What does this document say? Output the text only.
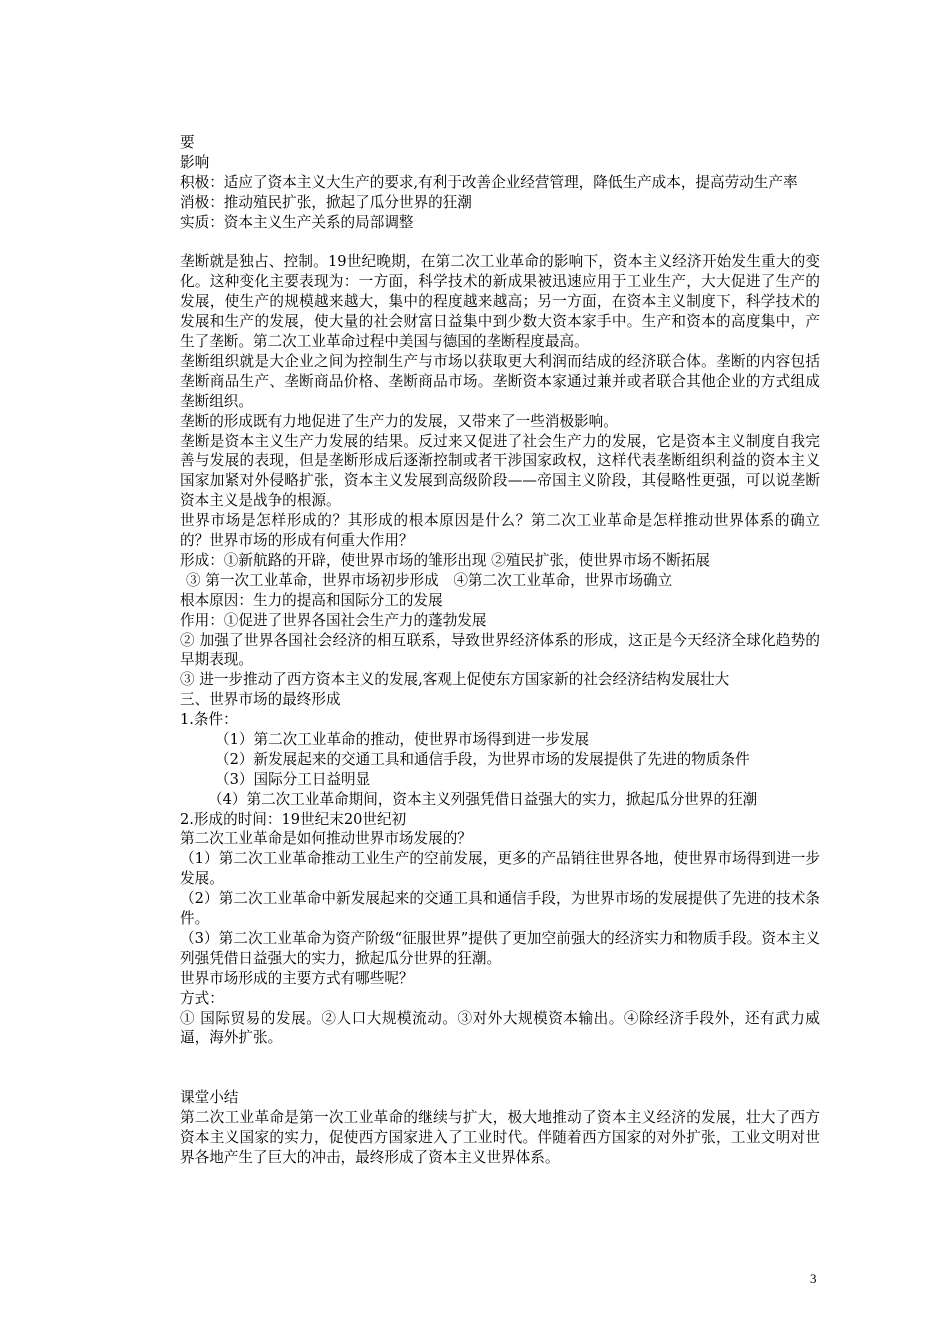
要
影响
积极：适应了资本主义大生产的要求,有利于改善企业经营管理，降低生产成本，提高劳动生产率
消极：推动殖民扩张，掀起了瓜分世界的狂潮
实质：资本主义生产关系的局部调整
垄断就是独占、控制。19世纪晚期，在第二次工业革命的影响下，资本主义经济开始发生重大的变化。这种变化主要表现为：一方面，科学技术的新成果被迅速应用于工业生产，大大促进了生产的发展，使生产的规模越来越大，集中的程度越来越高；另一方面，在资本主义制度下，科学技术的发展和生产的发展，使大量的社会财富日益集中到少数大资本家手中。生产和资本的高度集中，产生了垄断。第二次工业革命过程中美国与德国的垄断程度最高。
垄断组织就是大企业之间为控制生产与市场以获取更大利润而结成的经济联合体。垄断的内容包括垄断商品生产、垄断商品价格、垄断商品市场。垄断资本家通过兼并或者联合其他企业的方式组成垄断组织。
垄断的形成既有力地促进了生产力的发展，又带来了一些消极影响。
垄断是资本主义生产力发展的结果。反过来又促进了社会生产力的发展，它是资本主义制度自我完善与发展的表现，但是垄断形成后逐渐控制或者干涉国家政权，这样代表垄断组织利益的资本主义国家加紧对外侵略扩张，资本主义发展到高级阶段——帝国主义阶段，其侵略性更强，可以说垄断资本主义是战争的根源。
世界市场是怎样形成的？其形成的根本原因是什么？第二次工业革命是怎样推动世界体系的确立的？世界市场的形成有何重大作用？
形成：①新航路的开辟，使世界市场的雏形出现 ②殖民扩张，使世界市场不断拓展
③ 第一次工业革命，世界市场初步形成　④第二次工业革命，世界市场确立
根本原因：生力的提高和国际分工的发展
作用：①促进了世界各国社会生产力的蓬勃发展
② 加强了世界各国社会经济的相互联系，导致世界经济体系的形成，这正是今天经济全球化趋势的早期表现。
③ 进一步推动了西方资本主义的发展,客观上促使东方国家新的社会经济结构发展壮大
三、世界市场的最终形成
1.条件：
（1）第二次工业革命的推动，使世界市场得到进一步发展
（2）新发展起来的交通工具和通信手段，为世界市场的发展提供了先进的物质条件
（3）国际分工日益明显
（4）第二次工业革命期间，资本主义列强凭借日益强大的实力，掀起瓜分世界的狂潮
2.形成的时间：19世纪末20世纪初
第二次工业革命是如何推动世界市场发展的？
（1）第二次工业革命推动工业生产的空前发展，更多的产品销往世界各地，使世界市场得到进一步发展。
（2）第二次工业革命中新发展起来的交通工具和通信手段，为世界市场的发展提供了先进的技术条件。
（3）第二次工业革命为资产阶级“征服世界”提供了更加空前强大的经济实力和物质手段。资本主义列强凭借日益强大的实力，掀起瓜分世界的狂潮。
世界市场形成的主要方式有哪些呢？
方式：
① 国际贸易的发展。②人口大规模流动。③对外大规模资本输出。④除经济手段外，还有武力威逼，海外扩张。
课堂小结
第二次工业革命是第一次工业革命的继续与扩大，极大地推动了资本主义经济的发展，壮大了西方资本主义国家的实力，促使西方国家进入了工业时代。伴随着西方国家的对外扩张，工业文明对世界各地产生了巨大的冲击，最终形成了资本主义世界体系。
3
